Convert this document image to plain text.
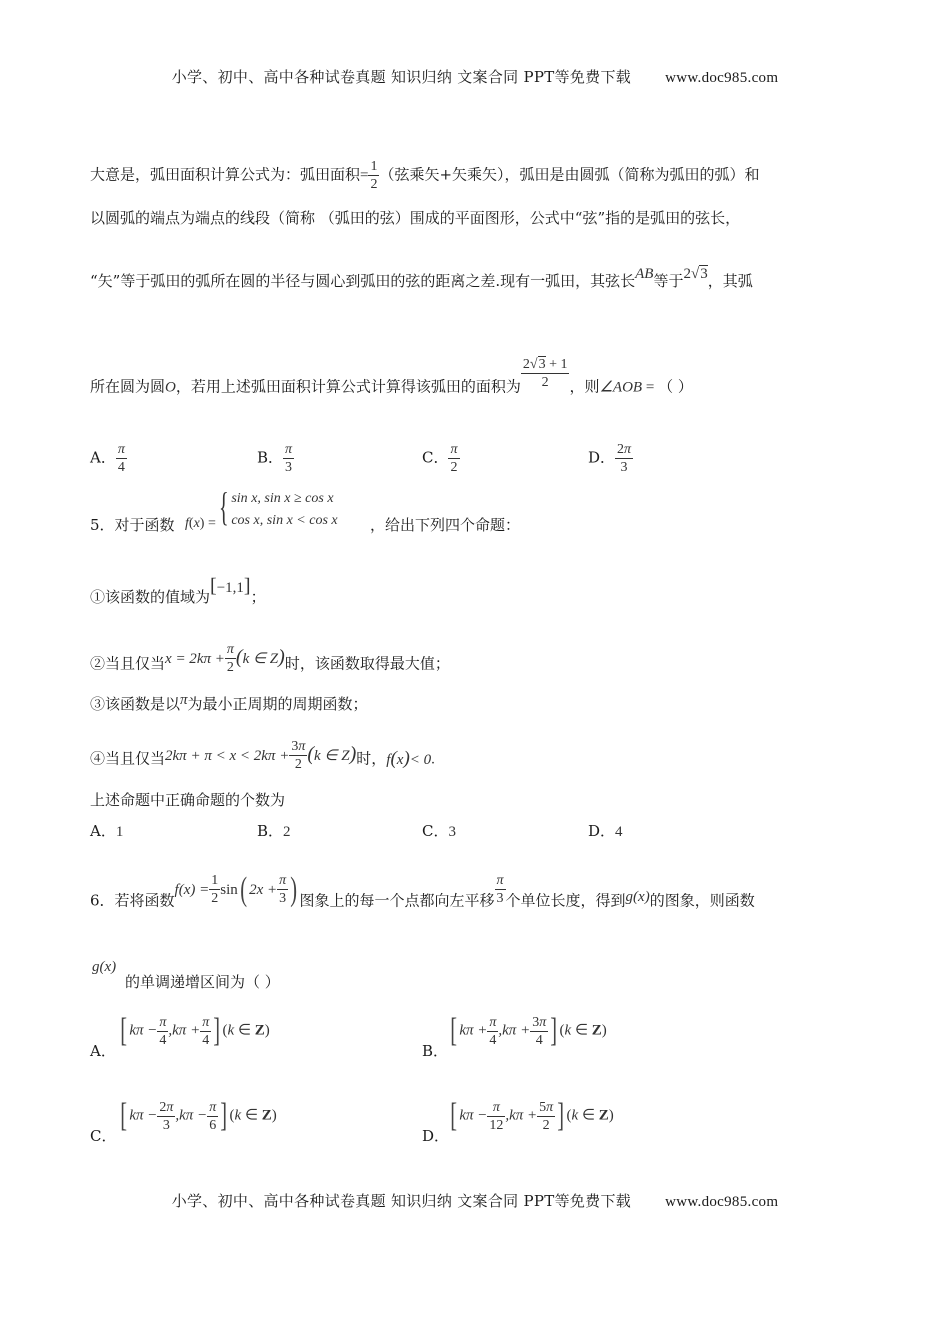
小学、初中、高中各种试卷真题 知识归纳 文案合同 PPT等免费下载 www.doc985.com
大意是，弧田面积计算公式为：弧田面积= $\frac{1}{2}$ （弦乘矢+矢乘矢），弧田是由圆弧（简称为弧田的弧）和
以圆弧的端点为端点的线段（简称 （弧田的弦）围成的平面图形，公式中“弦”指的是弧田的弦长，
“矢”等于弧田的弧所在圆的半径与圆心到弧田的弦的距离之差.现有一弧田，其弦长AB等于2√3，其弧
所在圆为圆O，若用上述弧田面积计算公式计算得该弧田的面积为 $\frac{2√3 + 1}{2}$ ，则∠AOB = （ ）
A． $\frac{\pi}{4}$	B． $\frac{\pi}{3}$	C． $\frac{\pi}{2}$	D． $\frac{2\pi}{3}$
5．对于函数 f(x) = { sin x, sin x ≥ cos x
cos x, sin x < cos x ，给出下列四个命题：
①该函数的值域为[−1,1]；
②当且仅当$x = 2k\pi + \frac{\pi}{2} (k$ ∈ Z)时，该函数取得最大值；
③该函数是以π为最小正周期的周期函数；
④当且仅当$2k\pi + \pi < x < 2k\pi + \frac{3\pi}{2} (k$ ∈ Z)时，f(x)< 0.
上述命题中正确命题的个数为
A．1	B．2	C．3	D．4
6．若将函数$f(x) = \frac{1}{2} \sin$( $2x + \frac{\pi}{3}$ ) 图象上的每一个点都向左平移 $\frac{\pi}{3}$ 个单位长度，得到g(x)的图象，则函数
g(x)
的单调递增区间为（ ）
A．
[ $k\pi - \frac{\pi}{4} ,k\pi + \frac{\pi}{4}$ ] (k ∈ Z)
B．
[ $k\pi + \frac{\pi}{4} ,k\pi + \frac{3\pi}{4}$ ] (k ∈ Z)
C．
[ $k\pi - \frac{2\pi}{3} ,k\pi - \frac{\pi}{6}$ ] (k ∈ Z)
D．
[ $k\pi - \frac{\pi}{12} ,k\pi + \frac{5\pi}{2}$ ] (k ∈ Z)
小学、初中、高中各种试卷真题 知识归纳 文案合同 PPT等免费下载 www.doc985.com
